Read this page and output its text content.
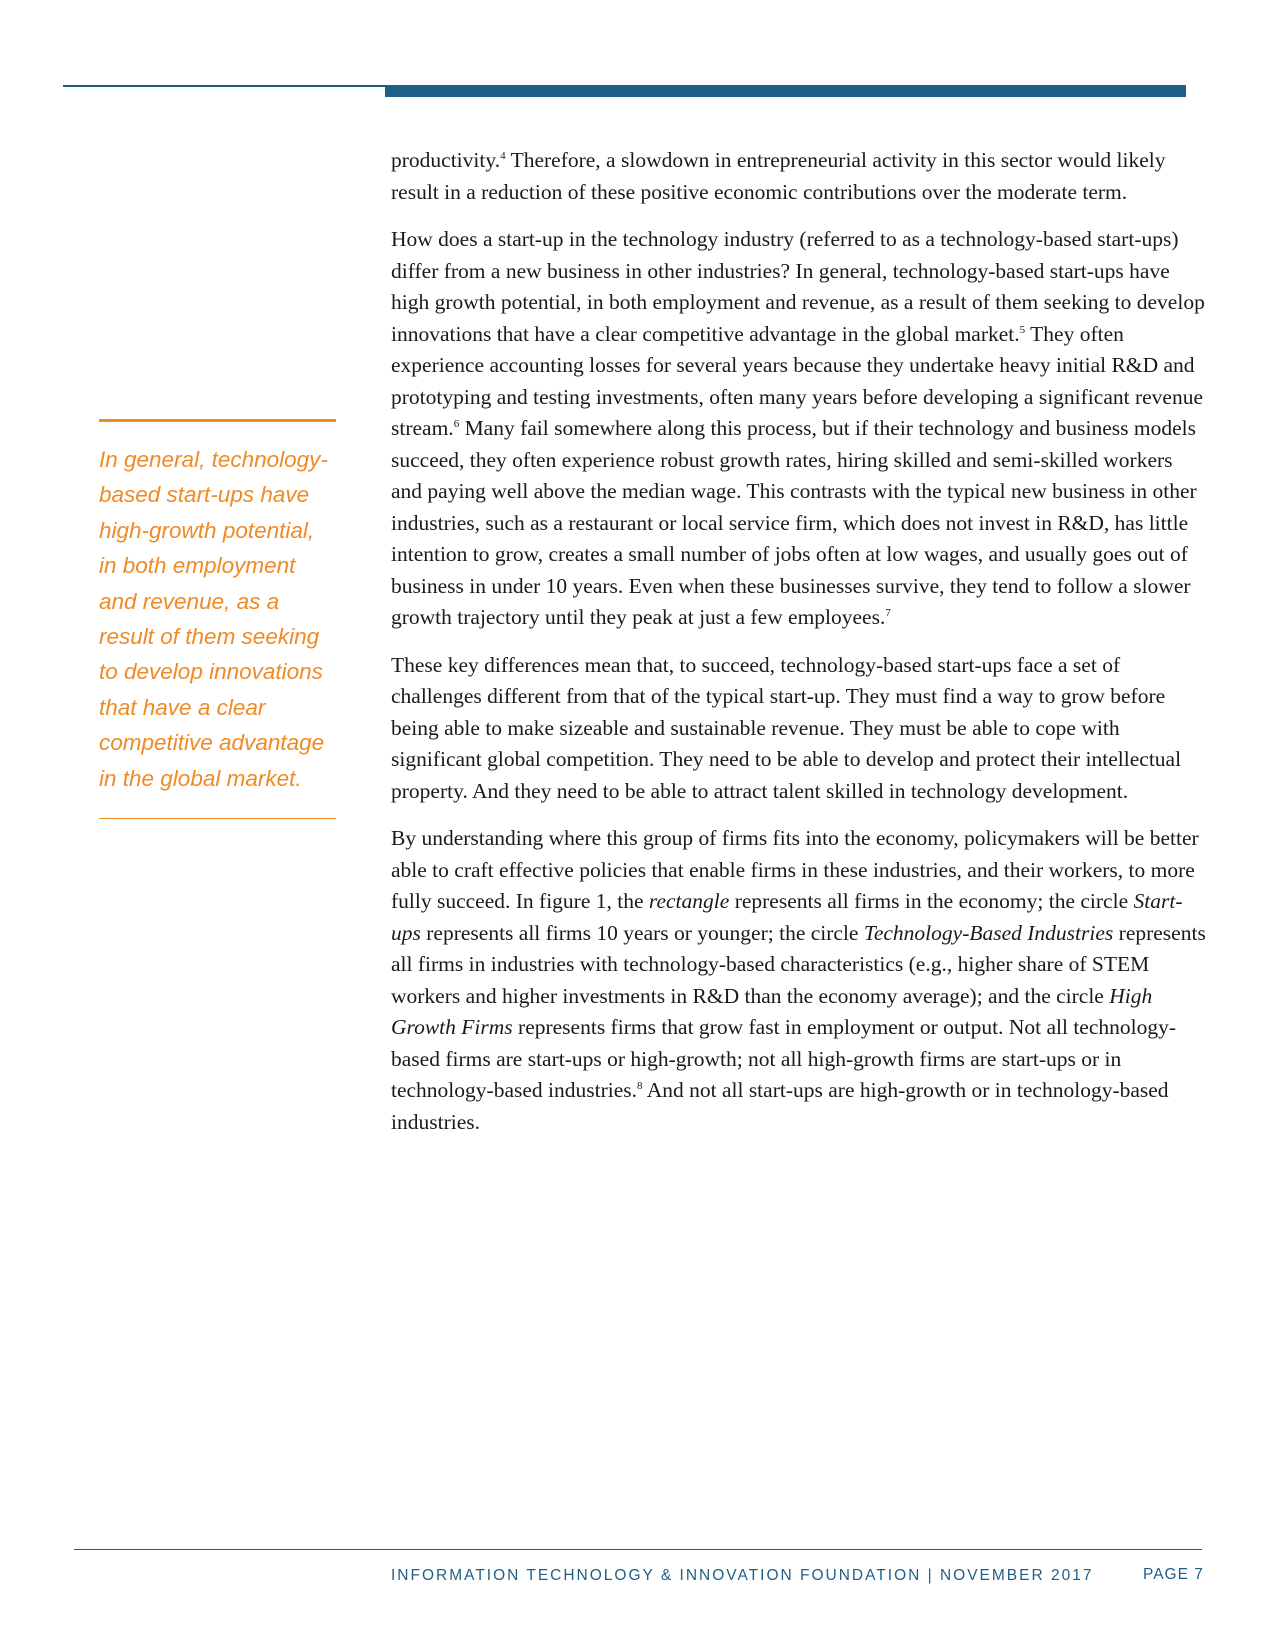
In general, technology-based start-ups have high-growth potential, in both employment and revenue, as a result of them seeking to develop innovations that have a clear competitive advantage in the global market.

productivity.$^4$ Therefore, a slowdown in entrepreneurial activity in this sector would likely result in a reduction of these positive economic contributions over the moderate term.

How does a start-up in the technology industry (referred to as a technology-based start-ups) differ from a new business in other industries? In general, technology-based start-ups have high growth potential, in both employment and revenue, as a result of them seeking to develop innovations that have a clear competitive advantage in the global market.$^5$ They often experience accounting losses for several years because they undertake heavy initial R&D and prototyping and testing investments, often many years before developing a significant revenue stream.$^6$ Many fail somewhere along this process, but if their technology and business models succeed, they often experience robust growth rates, hiring skilled and semi-skilled workers and paying well above the median wage. This contrasts with the typical new business in other industries, such as a restaurant or local service firm, which does not invest in R&D, has little intention to grow, creates a small number of jobs often at low wages, and usually goes out of business in under 10 years. Even when these businesses survive, they tend to follow a slower growth trajectory until they peak at just a few employees.$^7$

These key differences mean that, to succeed, technology-based start-ups face a set of challenges different from that of the typical start-up. They must find a way to grow before being able to make sizeable and sustainable revenue. They must be able to cope with significant global competition. They need to be able to develop and protect their intellectual property. And they need to be able to attract talent skilled in technology development.

By understanding where this group of firms fits into the economy, policymakers will be better able to craft effective policies that enable firms in these industries, and their workers, to more fully succeed. In figure 1, the rectangle represents all firms in the economy; the circle Start-ups represents all firms 10 years or younger; the circle Technology-Based Industries represents all firms in industries with technology-based characteristics (e.g., higher share of STEM workers and higher investments in R&D than the economy average); and the circle High Growth Firms represents firms that grow fast in employment or output. Not all technology-based firms are start-ups or high-growth; not all high-growth firms are start-ups or in technology-based industries.$^8$ And not all start-ups are high-growth or in technology-based industries.

INFORMATION TECHNOLOGY & INNOVATION FOUNDATION | NOVEMBER 2017	PAGE 7
